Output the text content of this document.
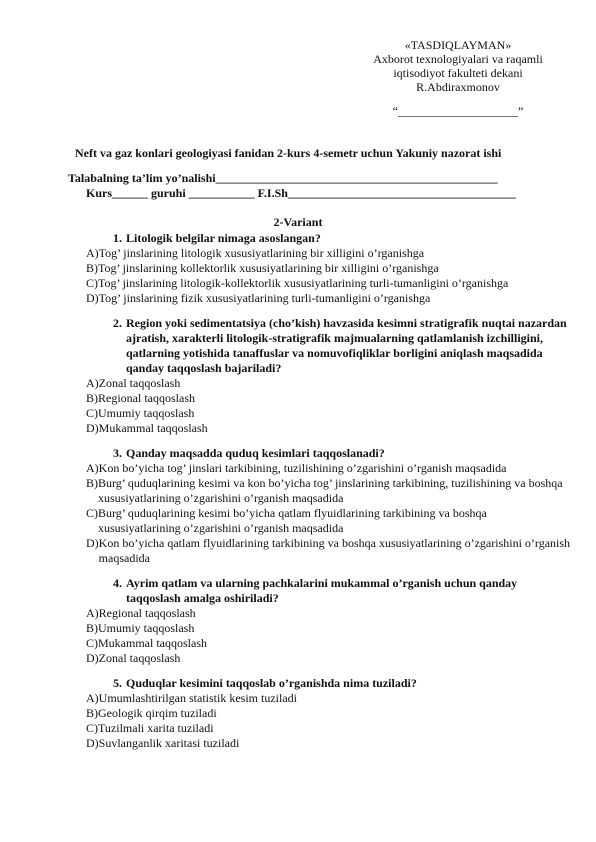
«TASDIQLAYMAN»
Axborot texnologiyalari va raqamli
iqtisodiyot fakulteti dekani
R.Abdiraxmonov
“____________________”
Neft va gaz konlari geologiyasi fanidan 2-kurs 4-semetr uchun Yakuniy nazorat ishi
Talabalning ta’lim yo’nalishi_______________________________________________
Kurs______ guruhi ___________ F.I.Sh______________________________________
2-Variant
1. Litologik belgilar nimaga asoslangan?
A) Tog’ jinslarining litologik xususiyatlarining bir xilligini o’rganishga
B) Tog’ jinslarining kollektorlik xususiyatlarining bir xilligini o’rganishga
C) Tog’ jinslarining litologik-kollektorlik xususiyatlarining turli-tumanligini o’rganishga
D) Tog’ jinslarining fizik xususiyatlarining turli-tumanligini o’rganishga
2. Region yoki sedimentatsiya (cho’kish) havzasida kesimni stratigrafik nuqtai nazardan ajratish, xarakterli litologik-stratigrafik majmualarning qatlamlanish izchilligini, qatlarning yotishida tanaffuslar va nomuvofiqliklar borligini aniqlash maqsadida qanday taqqoslash bajariladi?
A) Zonal taqqoslash
B) Regional taqqoslash
C) Umumiy taqqoslash
D) Mukammal taqqoslash
3. Qanday maqsadda quduq kesimlari taqqoslanadi?
A) Kon bo’yicha tog’ jinslari tarkibining, tuzilishining o’zgarishini o’rganish maqsadida
B) Burg’ quduqlarining kesimi va kon bo’yicha tog’ jinslarining tarkibining, tuzilishining va boshqa xususiyatlarining o’zgarishini o’rganish maqsadida
C) Burg’ quduqlarining kesimi bo’yicha qatlam flyuidlarining tarkibining va boshqa xususiyatlarining o’zgarishini o’rganish maqsadida
D) Kon bo’yicha qatlam flyuidlarining tarkibining va boshqa xususiyatlarining o’zgarishini o’rganish maqsadida
4. Ayrim qatlam va ularning pachkalarini mukammal o’rganish uchun qanday taqqoslash amalga oshiriladi?
A) Regional taqqoslash
B) Umumiy taqqoslash
C) Mukammal taqqoslash
D) Zonal taqqoslash
5. Quduqlar kesimini taqqoslab o’rganishda nima tuziladi?
A) Umumlashtirilgan statistik kesim tuziladi
B) Geologik qirqim tuziladi
C) Tuzilmali xarita tuziladi
D) Suvlanganlik xaritasi tuziladi
